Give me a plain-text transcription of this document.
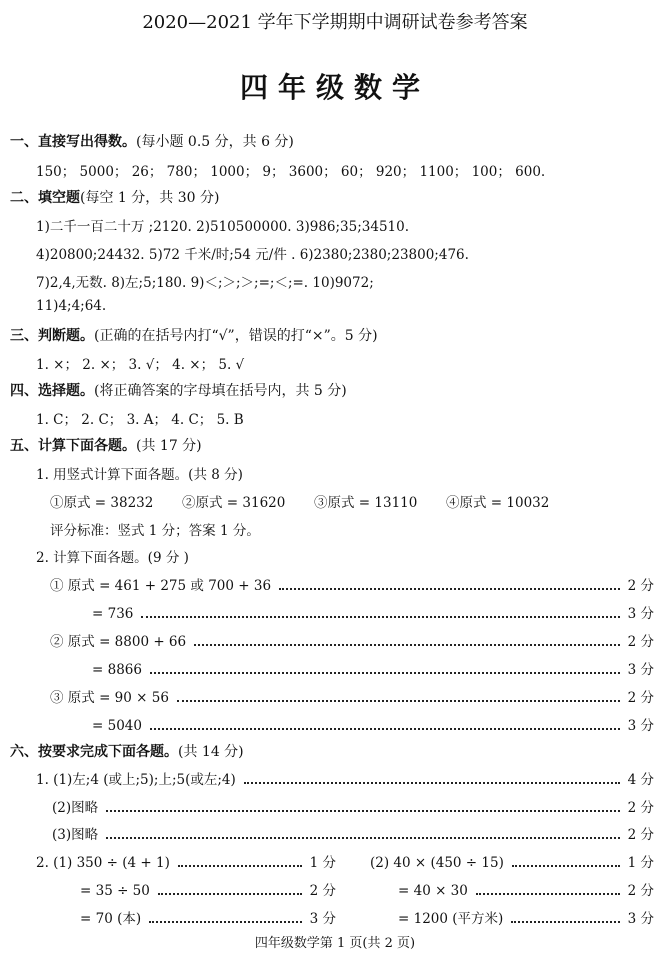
2020—2021 学年下学期期中调研试卷参考答案
四年级数学
一、直接写出得数。(每小题 0.5 分，共 6 分)
150； 5000； 26； 780； 1000； 9； 3600； 60； 920； 1100； 100； 600.
二、填空题(每空 1 分，共 30 分)
1)二千一百二十万 ;2120. 2)510500000. 3)986;35;34510.
4)20800;24432. 5)72 千米/时;54 元/件 . 6)2380;2380;23800;476.
7)2,4,无数. 8)左;5;180. 9)＜;＞;＞;=;＜;=. 10)9072;
11)4;4;64.
三、判断题。(正确的在括号内打“√”，错误的打“×”。5 分)
1. ×； 2. ×； 3. √； 4. ×； 5. √
四、选择题。(将正确答案的字母填在括号内，共 5 分)
1. C； 2. C； 3. A； 4. C； 5. B
五、计算下面各题。(共 17 分)
1. 用竖式计算下面各题。(共 8 分)
①原式 = 38232 ②原式 = 31620 ③原式 = 13110 ④原式 = 10032
评分标准：竖式 1 分；答案 1 分。
2. 计算下面各题。(9 分 )
① 原式 = 461 + 275 或 700 + 36	2 分
= 736	3 分
② 原式 = 8800 + 66	2 分
= 8866	3 分
③ 原式 = 90 × 56	2 分
= 5040	3 分
六、按要求完成下面各题。(共 14 分)
1. (1)左;4 (或上;5);上;5(或左;4)	4 分
(2)图略	2 分
(3)图略	2 分
2. (1) 350 ÷ (4 + 1)	1 分	(2) 40 × (450 ÷ 15)	1 分
= 35 ÷ 50	2 分	= 40 × 30	2 分
= 70 (本)	3 分	= 1200 (平方米)	3 分
四年级数学第 1 页(共 2 页)
